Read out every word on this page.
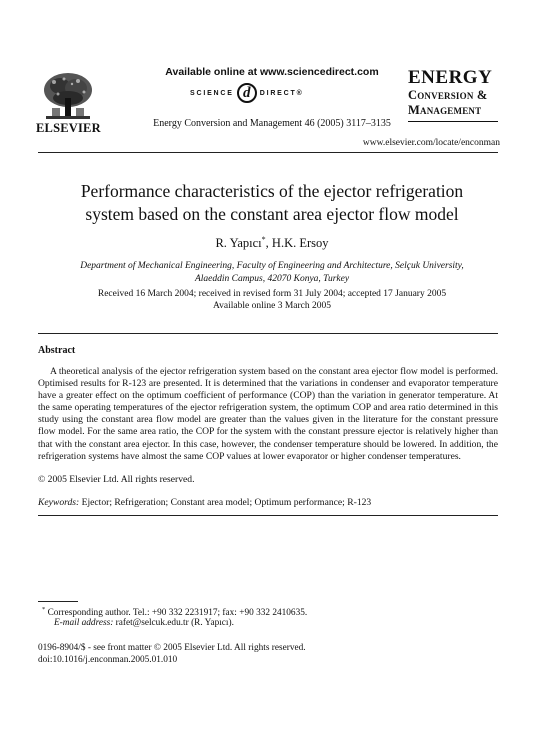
ELSEVIER
Available online at www.sciencedirect.com
SCIENCE d	DIRECT®
Energy Conversion and Management 46 (2005) 3117–3135
ENERGY
Conversion &
Management
www.elsevier.com/locate/enconman
Performance characteristics of the ejector refrigeration
system based on the constant area ejector flow model
R. Yapıcı*, H.K. Ersoy
Department of Mechanical Engineering, Faculty of Engineering and Architecture, Selçuk University,
Alaeddin Campus, 42070 Konya, Turkey
Received 16 March 2004; received in revised form 31 July 2004; accepted 17 January 2005
Available online 3 March 2005
Abstract

A theoretical analysis of the ejector refrigeration system based on the constant area ejector flow model is performed. Optimised results for R-123 are presented. It is determined that the variations in condenser and evaporator temperature have a greater effect on the optimum coefficient of performance (COP) than the variation in generator temperature. At the same operating temperatures of the ejector refrigeration system, the optimum COP and area ratio determined in this study using the constant area flow model are greater than the values given in the literature for the constant pressure flow model. For the same area ratio, the COP for the system with the constant pressure ejector is relatively higher than that with the constant area ejector. In this case, however, the condenser temperature should be lowered. In addition, the refrigeration systems have almost the same COP values at lower evaporator or higher condenser temperatures.

© 2005 Elsevier Ltd. All rights reserved.
Keywords: Ejector; Refrigeration; Constant area model; Optimum performance; R-123
* Corresponding author. Tel.: +90 332 2231917; fax: +90 332 2410635.
E-mail address: rafet@selcuk.edu.tr (R. Yapıcı).
0196-8904/$ - see front matter © 2005 Elsevier Ltd. All rights reserved.
doi:10.1016/j.enconman.2005.01.010
